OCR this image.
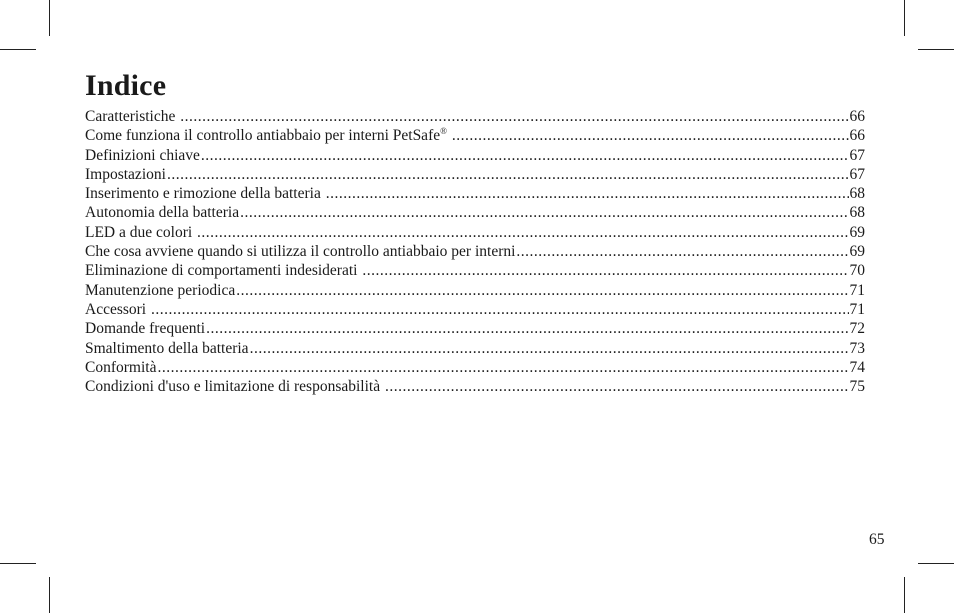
Indice
Caratteristiche .....	66
Come funziona il controllo antiabbaio per interni PetSafe® .....	66
Definizioni chiave .....	67
Impostazioni .....	67
Inserimento e rimozione della batteria .....	68
Autonomia della batteria .....	68
LED a due colori .....	69
Che cosa avviene quando si utilizza il controllo antiabbaio per interni .....	69
Eliminazione di comportamenti indesiderati .....	70
Manutenzione periodica .....	71
Accessori .....	71
Domande frequenti .....	72
Smaltimento della batteria .....	73
Conformità .....	74
Condizioni d'uso e limitazione di responsabilità .....	75
65
